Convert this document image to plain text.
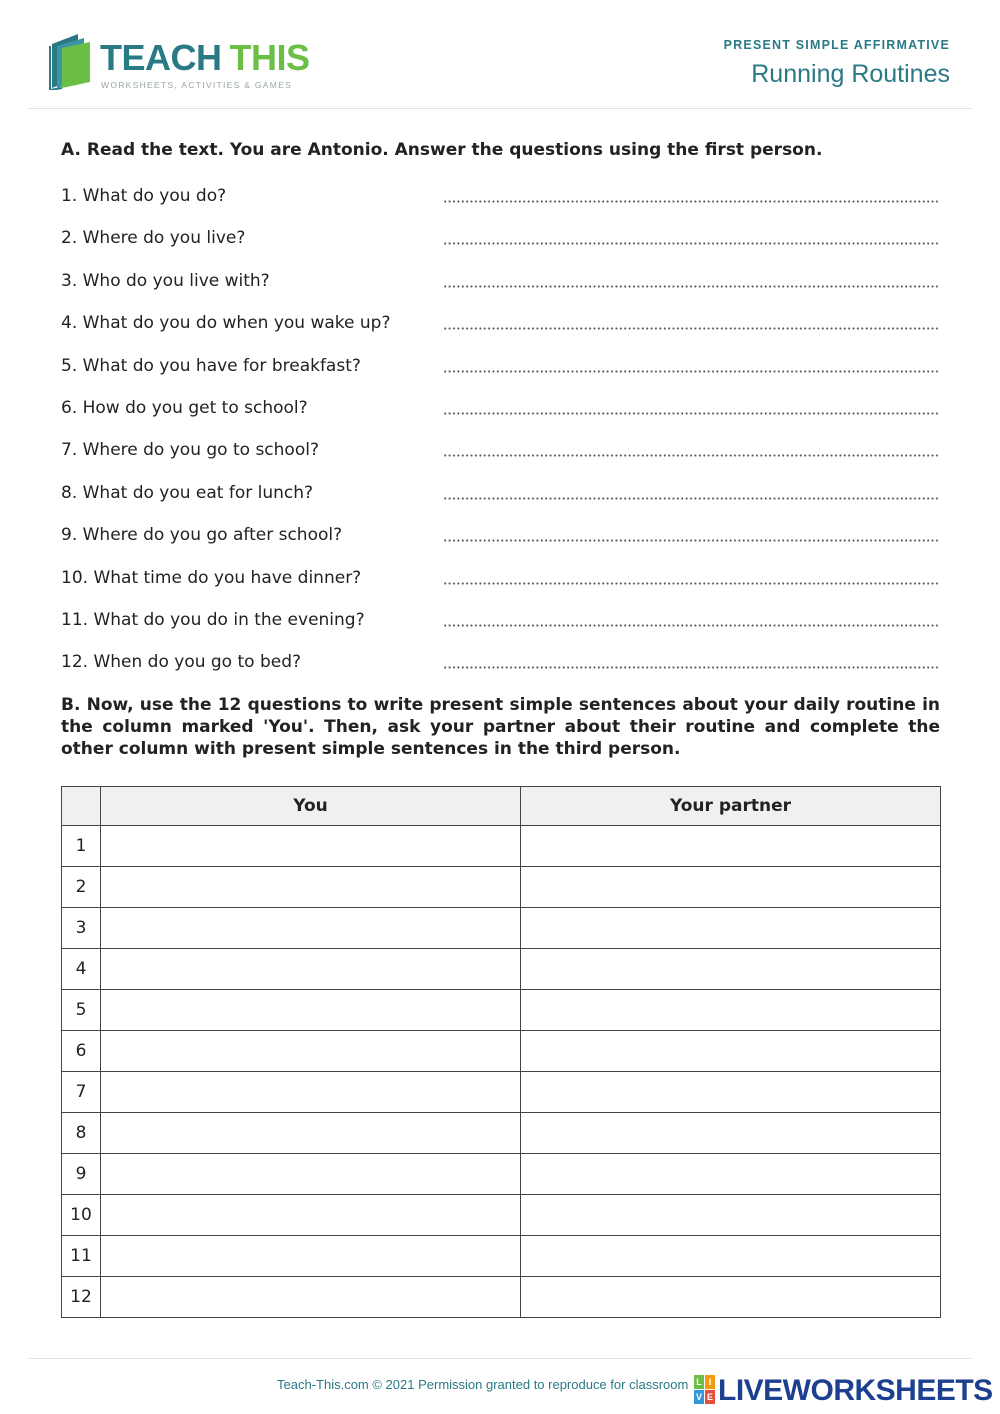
TEACH THIS
WORKSHEETS, ACTIVITIES & GAMES
PRESENT SIMPLE AFFIRMATIVE
Running Routines
A. Read the text. You are Antonio. Answer the questions using the first person.
1. What do you do?
2. Where do you live?
3. Who do you live with?
4. What do you do when you wake up?
5. What do you have for breakfast?
6. How do you get to school?
7. Where do you go to school?
8. What do you eat for lunch?
9. Where do you go after school?
10. What time do you have dinner?
11. What do you do in the evening?
12. When do you go to bed?
B. Now, use the 12 questions to write present simple sentences about your daily routine in the column marked 'You'. Then, ask your partner about their routine and complete the other column with present simple sentences in the third person.
	You	Your partner
1		
2		
3		
4		
5		
6		
7		
8		
9		
10		
11		
12		
Teach-This.com © 2021 Permission granted to reproduce for classroom L I
V E LIVEWORKSHEETS
